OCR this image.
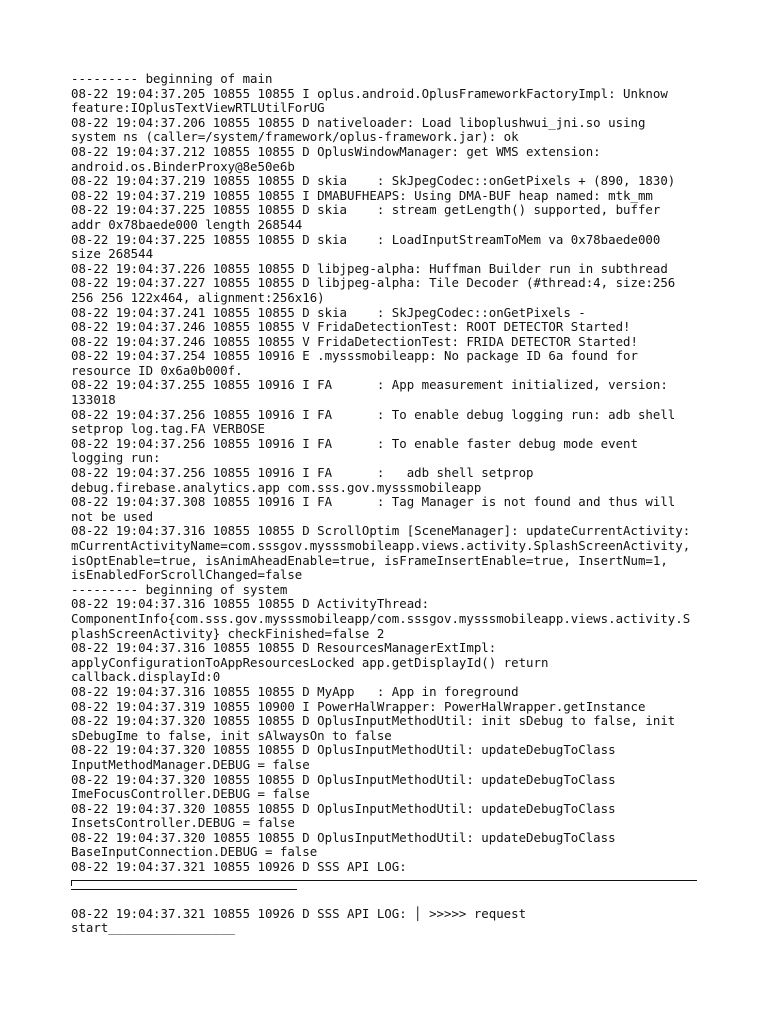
--------- beginning of main
08-22 19:04:37.205 10855 10855 I oplus.android.OplusFrameworkFactoryImpl: Unknow
feature:IOplusTextViewRTLUtilForUG
08-22 19:04:37.206 10855 10855 D nativeloader: Load liboplushwui_jni.so using
system ns (caller=/system/framework/oplus-framework.jar): ok
08-22 19:04:37.212 10855 10855 D OplusWindowManager: get WMS extension:
android.os.BinderProxy@8e50e6b
08-22 19:04:37.219 10855 10855 D skia    : SkJpegCodec::onGetPixels + (890, 1830)
08-22 19:04:37.219 10855 10855 I DMABUFHEAPS: Using DMA-BUF heap named: mtk_mm
08-22 19:04:37.225 10855 10855 D skia    : stream getLength() supported, buffer
addr 0x78baede000 length 268544
08-22 19:04:37.225 10855 10855 D skia    : LoadInputStreamToMem va 0x78baede000
size 268544
08-22 19:04:37.226 10855 10855 D libjpeg-alpha: Huffman Builder run in subthread
08-22 19:04:37.227 10855 10855 D libjpeg-alpha: Tile Decoder (#thread:4, size:256
256 256 122x464, alignment:256x16)
08-22 19:04:37.241 10855 10855 D skia    : SkJpegCodec::onGetPixels -
08-22 19:04:37.246 10855 10855 V FridaDetectionTest: ROOT DETECTOR Started!
08-22 19:04:37.246 10855 10855 V FridaDetectionTest: FRIDA DETECTOR Started!
08-22 19:04:37.254 10855 10916 E .mysssmobileapp: No package ID 6a found for
resource ID 0x6a0b000f.
08-22 19:04:37.255 10855 10916 I FA      : App measurement initialized, version:
133018
08-22 19:04:37.256 10855 10916 I FA      : To enable debug logging run: adb shell
setprop log.tag.FA VERBOSE
08-22 19:04:37.256 10855 10916 I FA      : To enable faster debug mode event
logging run:
08-22 19:04:37.256 10855 10916 I FA      :   adb shell setprop
debug.firebase.analytics.app com.sss.gov.mysssmobileapp
08-22 19:04:37.308 10855 10916 I FA      : Tag Manager is not found and thus will
not be used
08-22 19:04:37.316 10855 10855 D ScrollOptim [SceneManager]: updateCurrentActivity:
mCurrentActivityName=com.sssgov.mysssmobileapp.views.activity.SplashScreenActivity,
isOptEnable=true, isAnimAheadEnable=true, isFrameInsertEnable=true, InsertNum=1,
isEnabledForScrollChanged=false
--------- beginning of system
08-22 19:04:37.316 10855 10855 D ActivityThread:
ComponentInfo{com.sss.gov.mysssmobileapp/com.sssgov.mysssmobileapp.views.activity.S
plashScreenActivity} checkFinished=false 2
08-22 19:04:37.316 10855 10855 D ResourcesManagerExtImpl:
applyConfigurationToAppResourcesLocked app.getDisplayId() return
callback.displayId:0
08-22 19:04:37.316 10855 10855 D MyApp   : App in foreground
08-22 19:04:37.319 10855 10900 I PowerHalWrapper: PowerHalWrapper.getInstance
08-22 19:04:37.320 10855 10855 D OplusInputMethodUtil: init sDebug to false, init
sDebugIme to false, init sAlwaysOn to false
08-22 19:04:37.320 10855 10855 D OplusInputMethodUtil: updateDebugToClass
InputMethodManager.DEBUG = false
08-22 19:04:37.320 10855 10855 D OplusInputMethodUtil: updateDebugToClass
ImeFocusController.DEBUG = false
08-22 19:04:37.320 10855 10855 D OplusInputMethodUtil: updateDebugToClass
InsetsController.DEBUG = false
08-22 19:04:37.320 10855 10855 D OplusInputMethodUtil: updateDebugToClass
BaseInputConnection.DEBUG = false
08-22 19:04:37.321 10855 10926 D SSS API LOG:
08-22 19:04:37.321 10855 10926 D SSS API LOG: │ >>>>> request
start_________________
